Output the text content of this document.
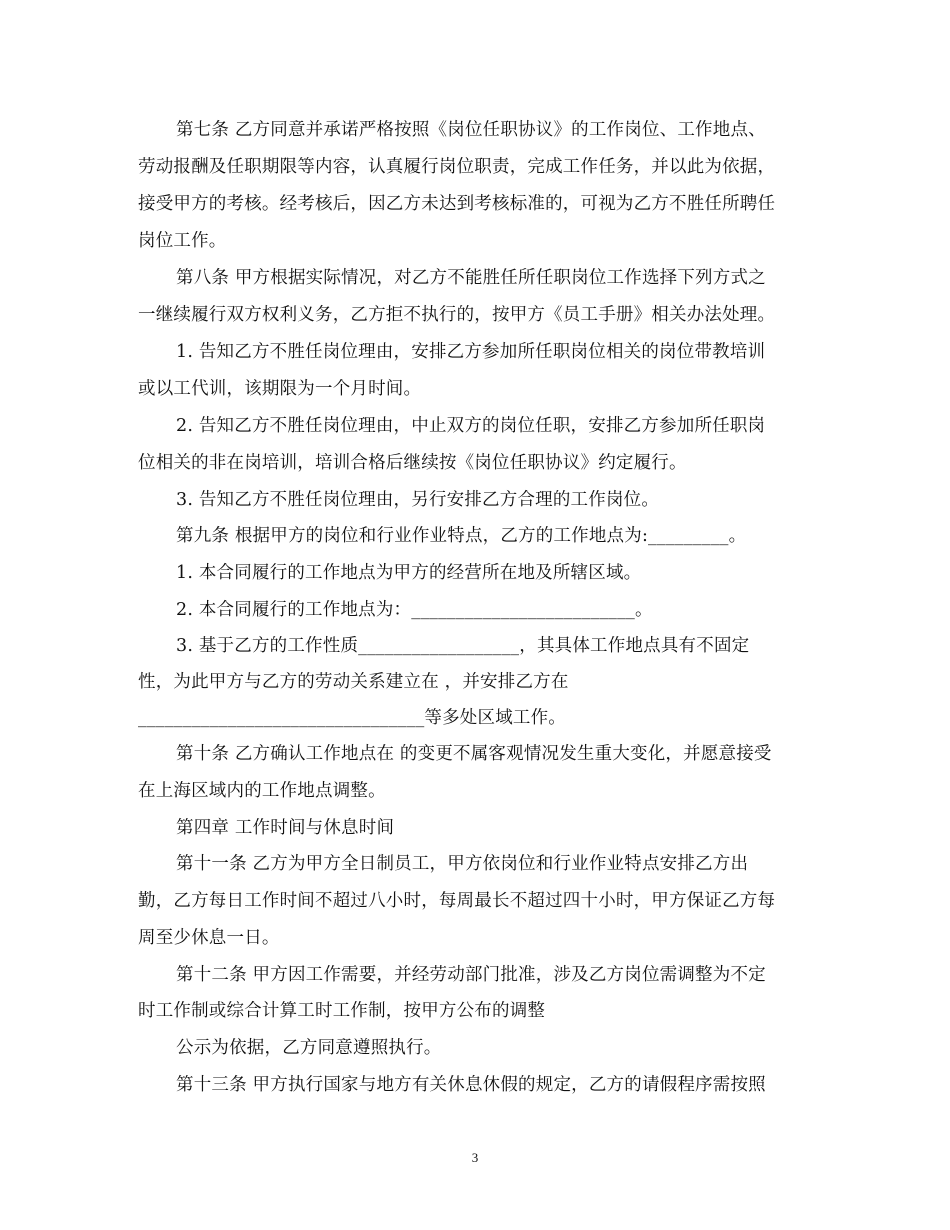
第七条 乙方同意并承诺严格按照《岗位任职协议》的工作岗位、工作地点、
劳动报酬及任职期限等内容，认真履行岗位职责，完成工作任务，并以此为依据，
接受甲方的考核。经考核后，因乙方未达到考核标准的，可视为乙方不胜任所聘任
岗位工作。
第八条 甲方根据实际情况，对乙方不能胜任所任职岗位工作选择下列方式之
一继续履行双方权利义务，乙方拒不执行的，按甲方《员工手册》相关办法处理。
1. 告知乙方不胜任岗位理由，安排乙方参加所任职岗位相关的岗位带教培训
或以工代训，该期限为一个月时间。
2. 告知乙方不胜任岗位理由，中止双方的岗位任职，安排乙方参加所任职岗
位相关的非在岗培训，培训合格后继续按《岗位任职协议》约定履行。
3. 告知乙方不胜任岗位理由，另行安排乙方合理的工作岗位。
第九条 根据甲方的岗位和行业作业特点，乙方的工作地点为:_________。
1. 本合同履行的工作地点为甲方的经营所在地及所辖区域。
2. 本合同履行的工作地点为：_________________________。
3. 基于乙方的工作性质__________________，其具体工作地点具有不固定
性，为此甲方与乙方的劳动关系建立在 ，并安排乙方在
________________________________等多处区域工作。
第十条 乙方确认工作地点在 的变更不属客观情况发生重大变化，并愿意接受
在上海区域内的工作地点调整。
第四章 工作时间与休息时间
第十一条 乙方为甲方全日制员工，甲方依岗位和行业作业特点安排乙方出
勤，乙方每日工作时间不超过八小时，每周最长不超过四十小时，甲方保证乙方每
周至少休息一日。
第十二条 甲方因工作需要，并经劳动部门批准，涉及乙方岗位需调整为不定
时工作制或综合计算工时工作制，按甲方公布的调整
公示为依据，乙方同意遵照执行。
第十三条 甲方执行国家与地方有关休息休假的规定，乙方的请假程序需按照
3
